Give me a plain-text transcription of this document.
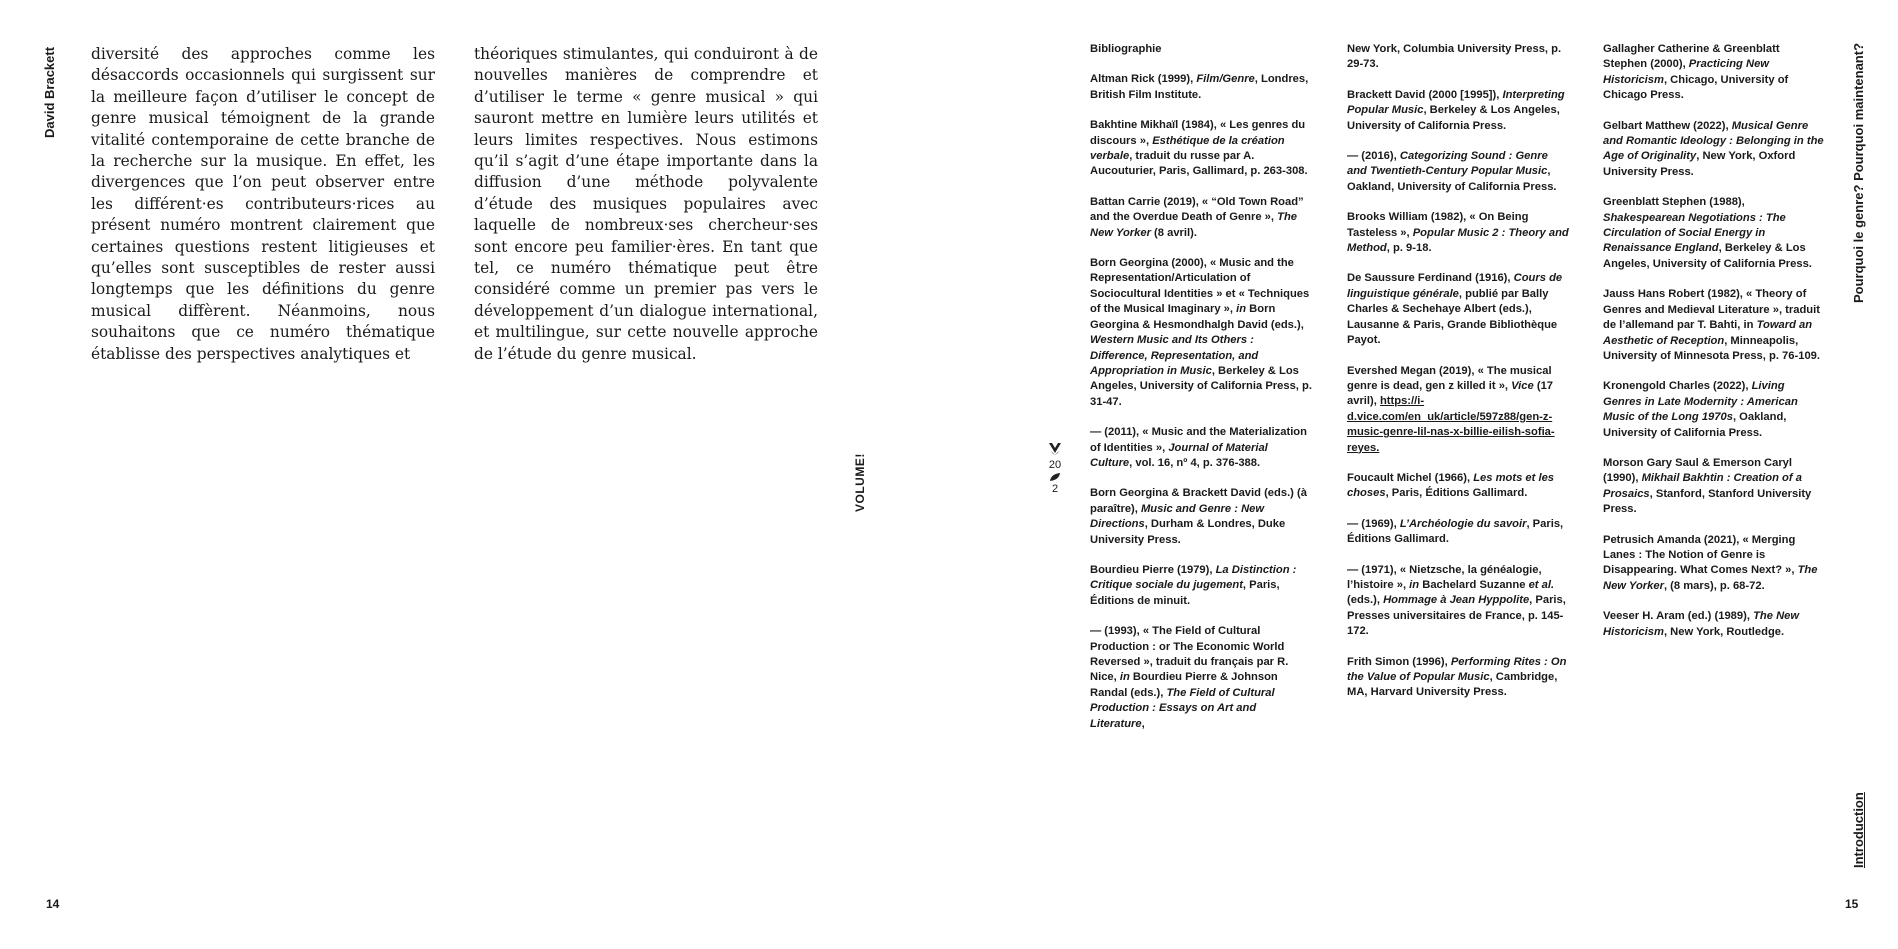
David Brackett diversité des approches comme les désaccords occasionnels qui surgissent sur la meilleure façon d’utiliser le concept de genre musical témoignent de la grande vitalité contemporaine de cette branche de la recherche sur la musique. En effet, les divergences que l’on peut observer entre les différent·es contributeurs·rices au présent numéro montrent clairement que certaines questions restent litigieuses et qu’elles sont susceptibles de rester aussi longtemps que les définitions du genre musical diffèrent. Néanmoins, nous souhaitons que ce numéro thématique établisse des perspectives analytiques et
théoriques stimulantes, qui conduiront à de nouvelles manières de comprendre et d’utiliser le terme « genre musical » qui sauront mettre en lumière leurs utilités et leurs limites respectives. Nous estimons qu’il s’agit d’une étape importante dans la diffusion d’une méthode polyvalente d’étude des musiques populaires avec laquelle de nombreux·ses chercheur·ses sont encore peu familier·ères. En tant que tel, ce numéro thématique peut être considéré comme un premier pas vers le développement d’un dialogue international, et multilingue, sur cette nouvelle approche de l’étude du genre musical.
14
VOLUME!	20
2
Bibliographie
Altman Rick (1999), Film/Genre, Londres, British Film Institute.
Bakhtine Mikhaïl (1984), « Les genres du discours », Esthétique de la création verbale, traduit du russe par A. Aucouturier, Paris, Gallimard, p. 263-308.
Battan Carrie (2019), « “Old Town Road” and the Overdue Death of Genre », The New Yorker (8 avril).
Born Georgina (2000), « Music and the Representation/Articulation of Sociocultural Identities » et « Techniques of the Musical Imaginary », in Born Georgina & Hesmondhalgh David (eds.), Western Music and Its Others : Difference, Representation, and Appropriation in Music, Berkeley & Los Angeles, University of California Press, p. 31-47.
— (2011), « Music and the Materialization of Identities », Journal of Material Culture, vol. 16, nº 4, p. 376-388.
Born Georgina & Brackett David (eds.) (à paraître), Music and Genre : New Directions, Durham & Londres, Duke University Press.
Bourdieu Pierre (1979), La Distinction : Critique sociale du jugement, Paris, Éditions de minuit.
— (1993), « The Field of Cultural Production : or The Economic World Reversed », traduit du français par R. Nice, in Bourdieu Pierre & Johnson Randal (eds.), The Field of Cultural Production : Essays on Art and Literature,
New York, Columbia University Press, p. 29-73.
Brackett David (2000 [1995]), Interpreting Popular Music, Berkeley & Los Angeles, University of California Press.
— (2016), Categorizing Sound : Genre and Twentieth-Century Popular Music, Oakland, University of California Press.
Brooks William (1982), « On Being Tasteless », Popular Music 2 : Theory and Method, p. 9-18.
De Saussure Ferdinand (1916), Cours de linguistique générale, publié par Bally Charles & Sechehaye Albert (eds.), Lausanne & Paris, Grande Bibliothèque Payot.
Evershed Megan (2019), « The musical genre is dead, gen z killed it », Vice (17 avril), https://i-d.vice.com/en_uk/article/597z88/gen-z-music-genre-lil-nas-x-billie-eilish-sofia-reyes.
Foucault Michel (1966), Les mots et les choses, Paris, Éditions Gallimard.
— (1969), L’Archéologie du savoir, Paris, Éditions Gallimard.
— (1971), « Nietzsche, la généalogie, l’histoire », in Bachelard Suzanne et al. (eds.), Hommage à Jean Hyppolite, Paris, Presses universitaires de France, p. 145-172.
Frith Simon (1996), Performing Rites : On the Value of Popular Music, Cambridge, MA, Harvard University Press.
Gallagher Catherine & Greenblatt Stephen (2000), Practicing New Historicism, Chicago, University of Chicago Press.
Gelbart Matthew (2022), Musical Genre and Romantic Ideology : Belonging in the Age of Originality, New York, Oxford University Press.
Greenblatt Stephen (1988), Shakespearean Negotiations : The Circulation of Social Energy in Renaissance England, Berkeley & Los Angeles, University of California Press.
Jauss Hans Robert (1982), « Theory of Genres and Medieval Literature », traduit de l’allemand par T. Bahti, in Toward an Aesthetic of Reception, Minneapolis, University of Minnesota Press, p. 76-109.
Kronengold Charles (2022), Living Genres in Late Modernity : American Music of the Long 1970s, Oakland, University of California Press.
Morson Gary Saul & Emerson Caryl (1990), Mikhail Bakhtin : Creation of a Prosaics, Stanford, Stanford University Press.
Petrusich Amanda (2021), « Merging Lanes : The Notion of Genre is Disappearing. What Comes Next? », The New Yorker, (8 mars), p. 68-72.
Veeser H. Aram (ed.) (1989), The New Historicism, New York, Routledge.
Pourquoi le genre? Pourquoi maintenant?
Introduction
15
